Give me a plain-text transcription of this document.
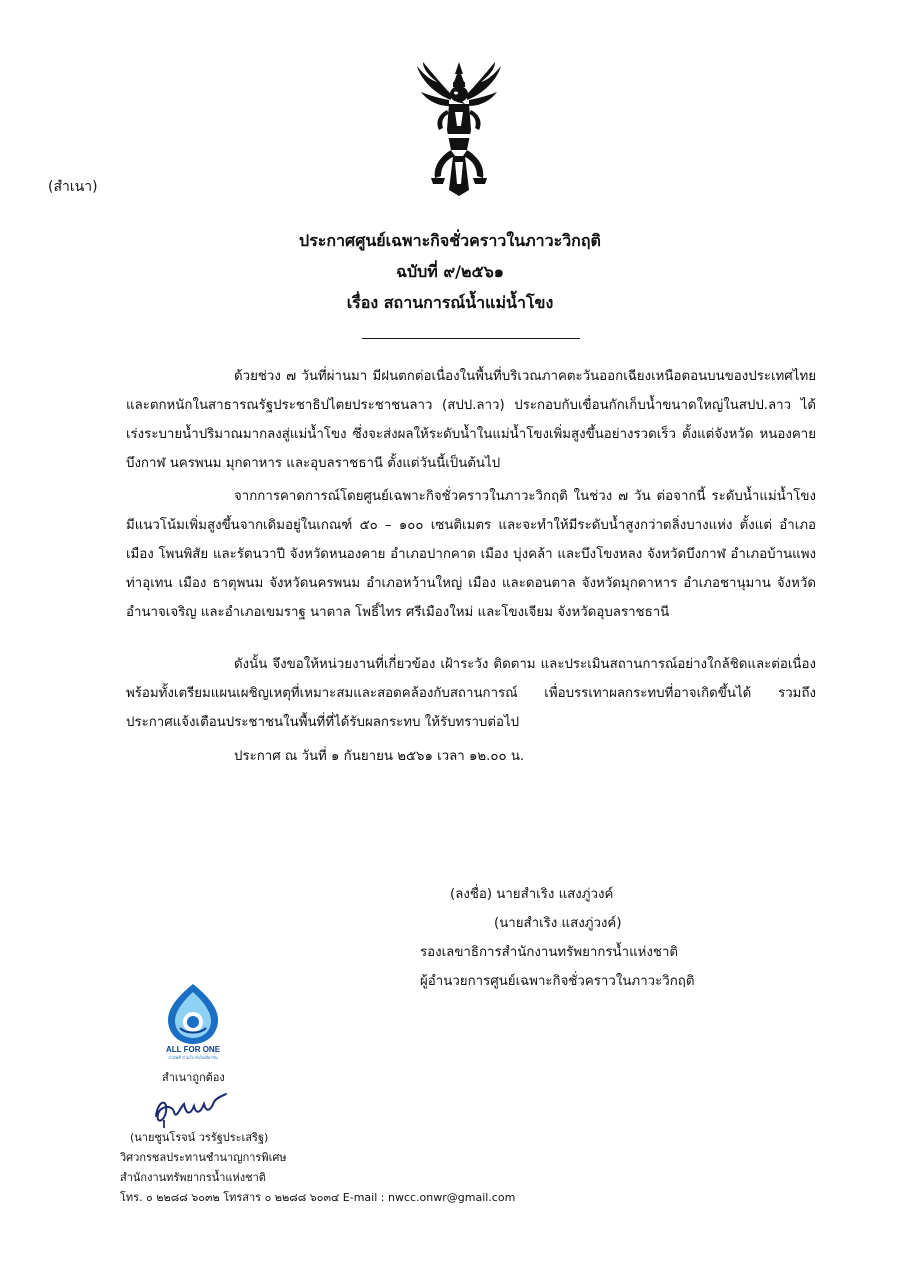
(สำเนา)
ประกาศศูนย์เฉพาะกิจชั่วคราวในภาวะวิกฤติ
ฉบับที่ ๙/๒๕๖๑
เรื่อง สถานการณ์น้ำแม่น้ำโขง
ด้วยช่วง ๗ วันที่ผ่านมา มีฝนตกต่อเนื่องในพื้นที่บริเวณภาคตะวันออกเฉียงเหนือตอนบนของประเทศไทยและตกหนักในสาธารณรัฐประชาธิปไตยประชาชนลาว (สปป.ลาว) ประกอบกับเขื่อนกักเก็บน้ำขนาดใหญ่ในสปป.ลาว ได้เร่งระบายน้ำปริมาณมากลงสู่แม่น้ำโขง ซึ่งจะส่งผลให้ระดับน้ำในแม่น้ำโขงเพิ่มสูงขึ้นอย่างรวดเร็ว ตั้งแต่จังหวัด หนองคาย บึงกาฬ นครพนม มุกดาหาร และอุบลราชธานี ตั้งแต่วันนี้เป็นต้นไป
จากการคาดการณ์โดยศูนย์เฉพาะกิจชั่วคราวในภาวะวิกฤติ ในช่วง ๗ วัน ต่อจากนี้ ระดับน้ำแม่น้ำโขงมีแนวโน้มเพิ่มสูงขึ้นจากเดิมอยู่ในเกณฑ์ ๕๐ – ๑๐๐ เซนติเมตร และจะทำให้มีระดับน้ำสูงกว่าตลิ่งบางแห่ง ตั้งแต่ อำเภอเมือง โพนพิสัย และรัตนวาปี จังหวัดหนองคาย อำเภอปากคาด เมือง บุ่งคล้า และบึงโขงหลง จังหวัดบึงกาฬ อำเภอบ้านแพง ท่าอุเทน เมือง ธาตุพนม จังหวัดนครพนม อำเภอหว้านใหญ่ เมือง และดอนตาล จังหวัดมุกดาหาร อำเภอชานุมาน จังหวัดอำนาจเจริญ และอำเภอเขมราฐ นาตาล โพธิ์ไทร ศรีเมืองใหม่ และโขงเจียม จังหวัดอุบลราชธานี
ดังนั้น จึงขอให้หน่วยงานที่เกี่ยวข้อง เฝ้าระวัง ติดตาม และประเมินสถานการณ์อย่างใกล้ชิดและต่อเนื่อง พร้อมทั้งเตรียมแผนเผชิญเหตุที่เหมาะสมและสอดคล้องกับสถานการณ์ เพื่อบรรเทาผลกระทบที่อาจเกิดขึ้นได้ รวมถึงประกาศแจ้งเตือนประชาชนในพื้นที่ที่ได้รับผลกระทบ ให้รับทราบต่อไป
ประกาศ ณ วันที่ ๑ กันยายน ๒๕๖๑ เวลา ๑๒.๐๐ น.
(ลงชื่อ) นายสำเริง แสงภู่วงค์
(นายสำเริง แสงภู่วงค์)
รองเลขาธิการสำนักงานทรัพยากรน้ำแห่งชาติ
ผู้อำนวยการศูนย์เฉพาะกิจชั่วคราวในภาวะวิกฤติ
ALL FOR ONE
สามัคคี สามใจ ดั่งใจเดียวกัน
สำเนาถูกต้อง
(นายชูนโรจน์ วรรัฐประเสริฐ)
วิศวกรชลประทานชำนาญการพิเศษ
สำนักงานทรัพยากรน้ำแห่งชาติ
โทร. ๐ ๒๒๘๘ ๖๐๓๒ โทรสาร ๐ ๒๒๘๘ ๖๐๓๔ E-mail : nwcc.onwr@gmail.com
